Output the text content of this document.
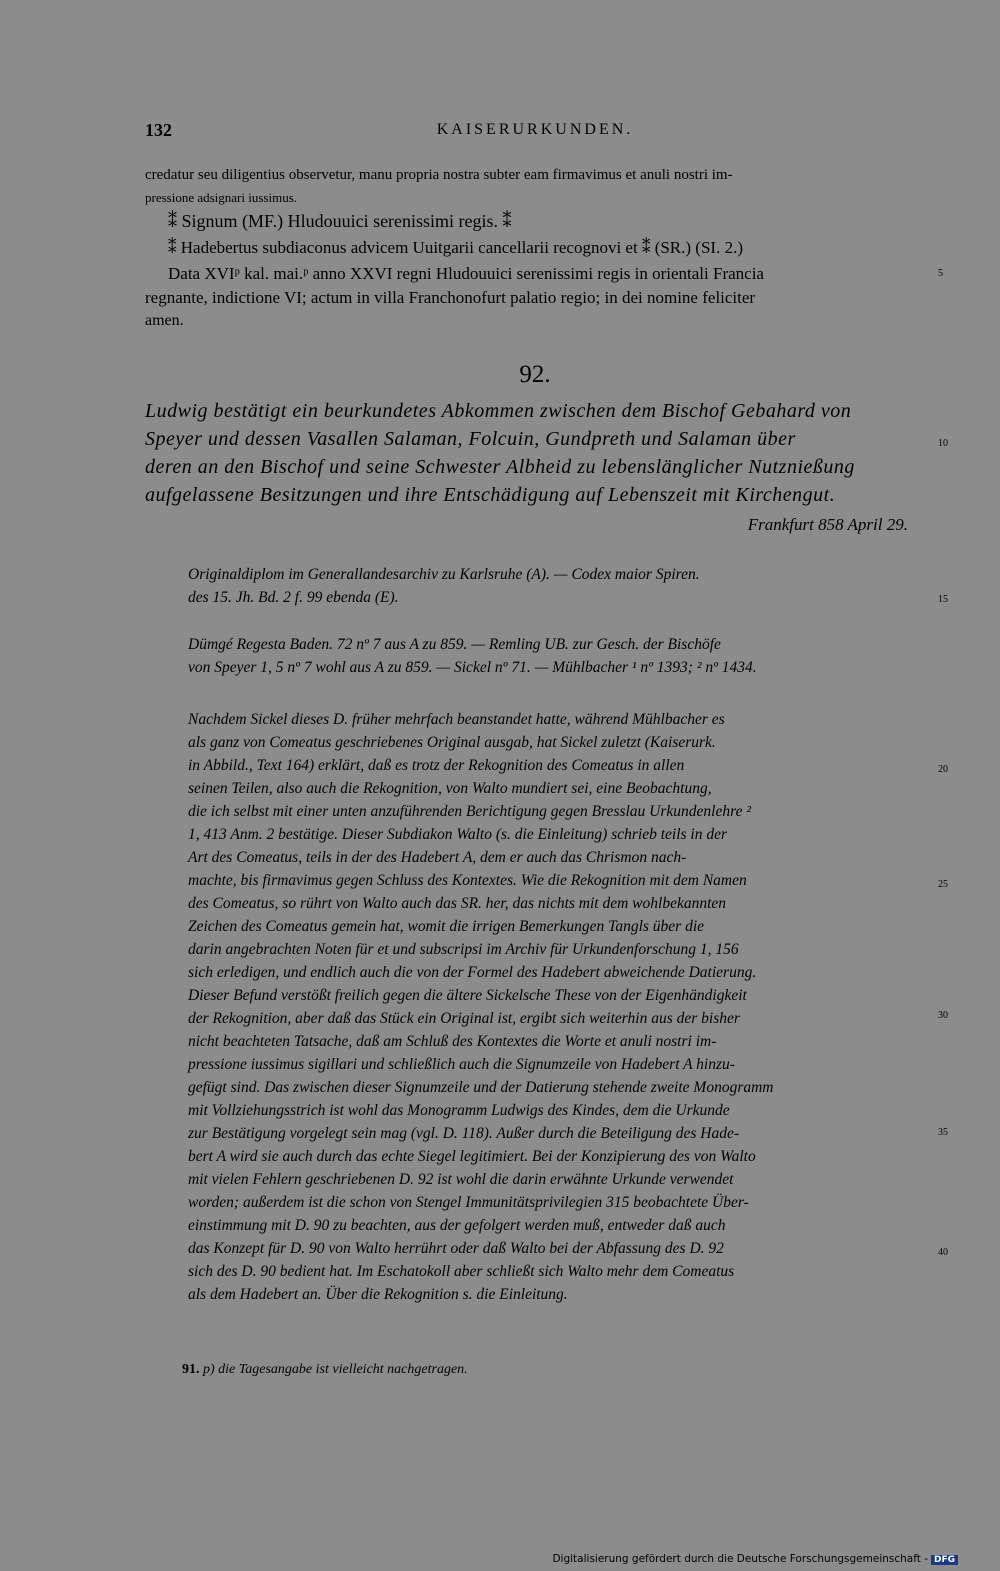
132	KAISERURKUNDEN.
credatur seu diligentius observetur, manu propria nostra subter eam firmavimus et anuli nostri im-
pressione adsignari iussimus.
⁑ Signum (MF.) Hludouuici serenissimi regis. ⁑
⁑ Hadebertus subdiaconus advicem Uuitgarii cancellarii recognovi et ⁑ (SR.) (SI. 2.)
Data XVIᵖ kal. mai.ᵖ anno XXVI regni Hludouuici serenissimi regis in orientali Francia
regnante, indictione VI; actum in villa Franchonofurt palatio regio; in dei nomine feliciter
amen.
92.
Ludwig bestätigt ein beurkundetes Abkommen zwischen dem Bischof Gebahard von
Speyer und dessen Vasallen Salaman, Folcuin, Gundpreth und Salaman über
deren an den Bischof und seine Schwester Albheid zu lebenslänglicher Nutznießung
aufgelassene Besitzungen und ihre Entschädigung auf Lebenszeit mit Kirchengut.
Frankfurt 858 April 29.
Originaldiplom im Generallandesarchiv zu Karlsruhe (A). — Codex maior Spiren.
des 15. Jh. Bd. 2 f. 99 ebenda (E).
Dümgé Regesta Baden. 72 nº 7 aus A zu 859. — Remling UB. zur Gesch. der Bischöfe
von Speyer 1, 5 nº 7 wohl aus A zu 859. — Sickel nº 71. — Mühlbacher ¹ nº 1393; ² nº 1434.
Nachdem Sickel dieses D. früher mehrfach beanstandet hatte, während Mühlbacher es
als ganz von Comeatus geschriebenes Original ausgab, hat Sickel zuletzt (Kaiserurk.
in Abbild., Text 164) erklärt, daß es trotz der Rekognition des Comeatus in allen
seinen Teilen, also auch die Rekognition, von Walto mundiert sei, eine Beobachtung,
die ich selbst mit einer unten anzuführenden Berichtigung gegen Bresslau Urkundenlehre ²
1, 413 Anm. 2 bestätige. Dieser Subdiakon Walto (s. die Einleitung) schrieb teils in der
Art des Comeatus, teils in der des Hadebert A, dem er auch das Chrismon nach-
machte, bis firmavimus gegen Schluss des Kontextes. Wie die Rekognition mit dem Namen
des Comeatus, so rührt von Walto auch das SR. her, das nichts mit dem wohlbekannten
Zeichen des Comeatus gemein hat, womit die irrigen Bemerkungen Tangls über die
darin angebrachten Noten für et und subscripsi im Archiv für Urkundenforschung 1, 156
sich erledigen, und endlich auch die von der Formel des Hadebert abweichende Datierung.
Dieser Befund verstößt freilich gegen die ältere Sickelsche These von der Eigenhändigkeit
der Rekognition, aber daß das Stück ein Original ist, ergibt sich weiterhin aus der bisher
nicht beachteten Tatsache, daß am Schluß des Kontextes die Worte et anuli nostri im-
pressione iussimus sigillari und schließlich auch die Signumzeile von Hadebert A hinzu-
gefügt sind. Das zwischen dieser Signumzeile und der Datierung stehende zweite Monogramm
mit Vollziehungsstrich ist wohl das Monogramm Ludwigs des Kindes, dem die Urkunde
zur Bestätigung vorgelegt sein mag (vgl. D. 118). Außer durch die Beteiligung des Hade-
bert A wird sie auch durch das echte Siegel legitimiert. Bei der Konzipierung des von Walto
mit vielen Fehlern geschriebenen D. 92 ist wohl die darin erwähnte Urkunde verwendet
worden; außerdem ist die schon von Stengel Immunitätsprivilegien 315 beobachtete Über-
einstimmung mit D. 90 zu beachten, aus der gefolgert werden muß, entweder daß auch
das Konzept für D. 90 von Walto herrührt oder daß Walto bei der Abfassung des D. 92
sich des D. 90 bedient hat. Im Eschatokoll aber schließt sich Walto mehr dem Comeatus
als dem Hadebert an. Über die Rekognition s. die Einleitung.
5
10
15
20
25
30
35
40
91. p) die Tagesangabe ist vielleicht nachgetragen.
Digitalisierung gefördert durch die Deutsche Forschungsgemeinschaft - DFG
